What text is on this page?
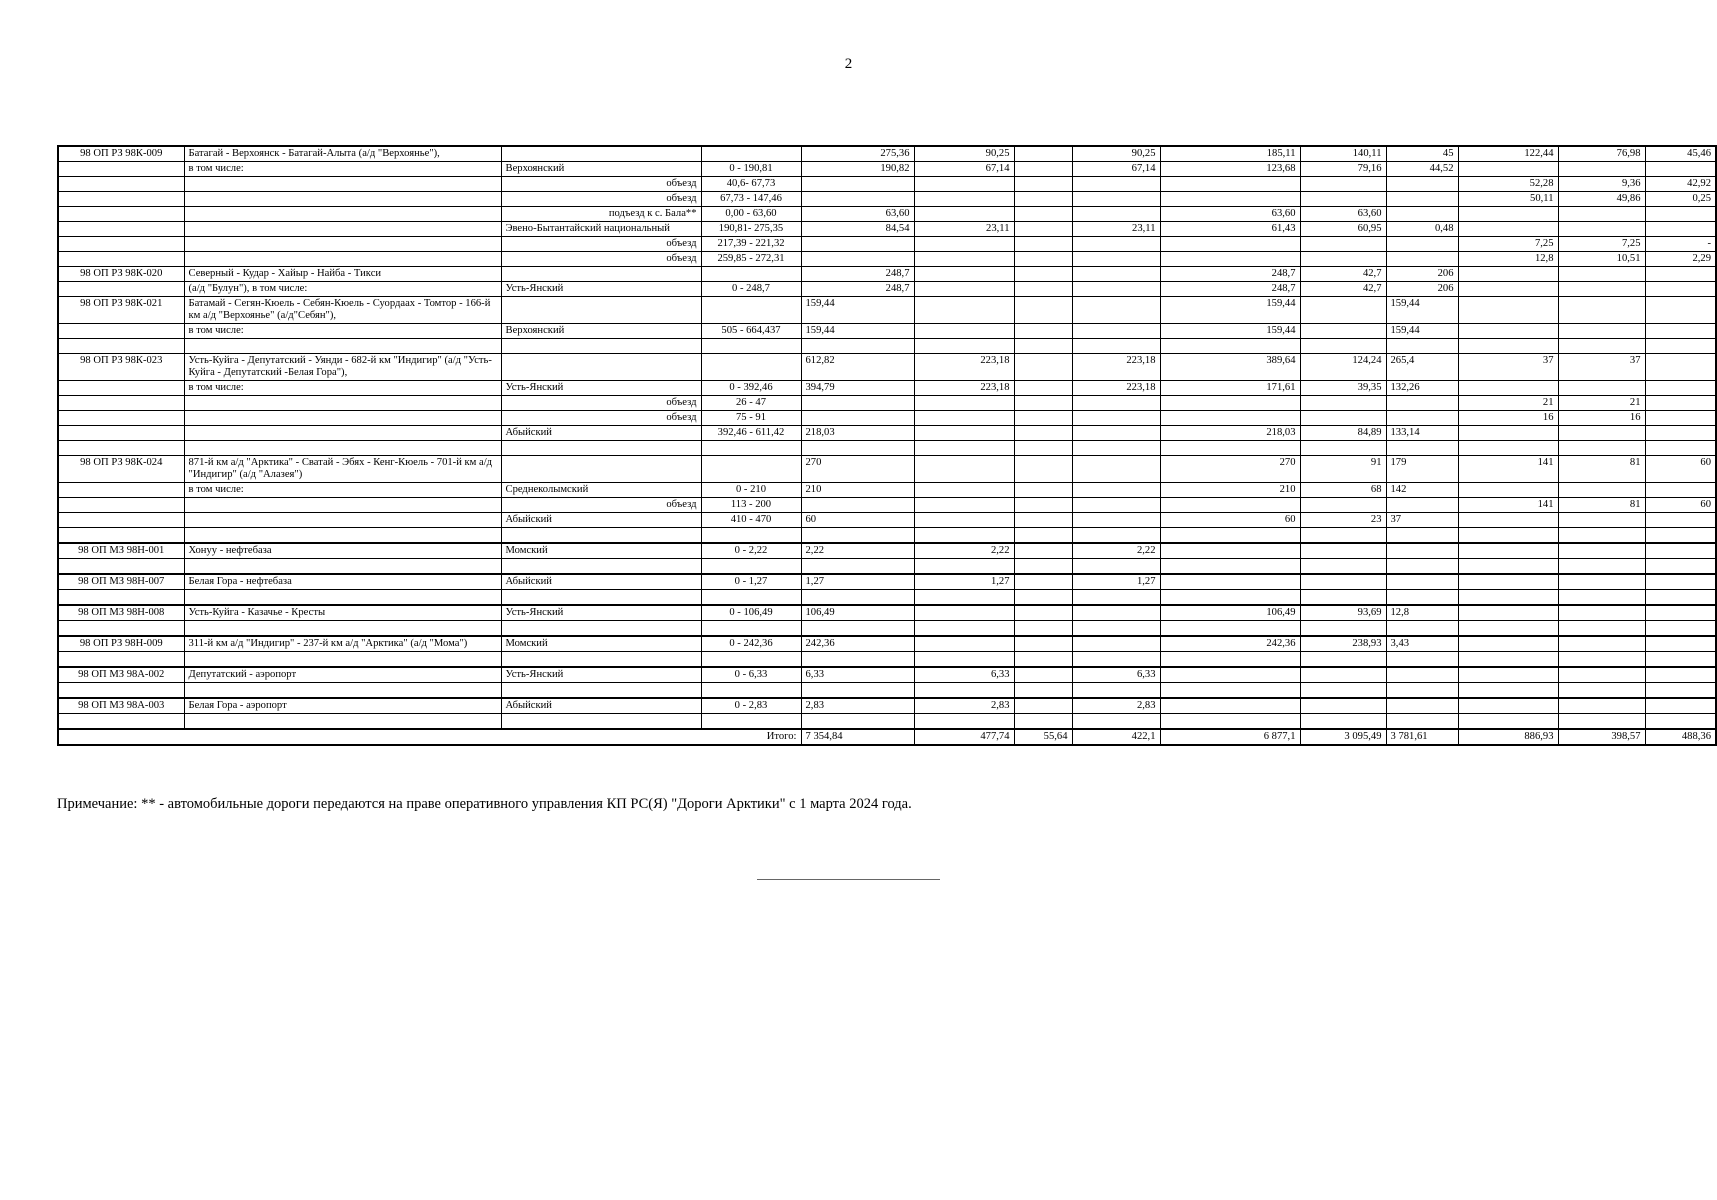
2
98 ОП РЗ 98К-009	Батагай - Верхоянск - Батагай-Алыта (а/д "Верхоянье"),			275,36	90,25		90,25	185,11	140,11	45	122,44	76,98	45,46
	в том числе:	Верхоянский	0 - 190,81	190,82	67,14		67,14	123,68	79,16	44,52			
		объезд	40,6- 67,73								52,28	9,36	42,92
		объезд	67,73 - 147,46								50,11	49,86	0,25
		подъезд к с. Бала**	0,00 - 63,60	63,60				63,60	63,60				
		Эвено-Бытантайский национальный	190,81- 275,35	84,54	23,11		23,11	61,43	60,95	0,48			
		объезд	217,39 - 221,32								7,25	7,25	-
		объезд	259,85 - 272,31								12,8	10,51	2,29
98 ОП РЗ 98К-020	Северный - Кудар - Хайыр - Найба - Тикси			248,7				248,7	42,7	206			
	(а/д "Булун"), в том числе:	Усть-Янский	0 - 248,7	248,7				248,7	42,7	206			
98 ОП РЗ 98К-021	Батамай - Сегян-Кюель - Себян-Кюель - Суордаах - Томтор - 166-й км а/д "Верхоянье" (а/д"Себян"),			159,44				159,44		159,44			
	в том числе:	Верхоянский	505 - 664,437	159,44				159,44		159,44			

98 ОП РЗ 98К-023	Усть-Куйга - Депутатский - Уянди - 682-й км "Индигир" (а/д "Усть-Куйга - Депутатский -Белая Гора"),			612,82	223,18		223,18	389,64	124,24	265,4	37	37	
	в том числе:	Усть-Янский	0 - 392,46	394,79	223,18		223,18	171,61	39,35	132,26			
		объезд	26 - 47								21	21	
		объезд	75 - 91								16	16	
		Абыйский	392,46 - 611,42	218,03				218,03	84,89	133,14			

98 ОП РЗ 98К-024	871-й км а/д "Арктика" - Сватай - Эбях - Кенг-Кюель - 701-й км а/д "Индигир" (а/д "Алазея")			270				270	91	179	141	81	60
	в том числе:	Среднеколымский	0 - 210	210				210	68	142			
		объезд	113 - 200								141	81	60
		Абыйский	410 - 470	60				60	23	37			

98 ОП МЗ 98Н-001	Хонуу - нефтебаза	Момский	0 - 2,22	2,22	2,22		2,22						

98 ОП МЗ 98Н-007	Белая Гора - нефтебаза	Абыйский	0 - 1,27	1,27	1,27		1,27						

98 ОП МЗ 98Н-008	Усть-Куйга - Казачье - Кресты	Усть-Янский	0 - 106,49	106,49				106,49	93,69	12,8			

98 ОП РЗ 98Н-009	311-й км а/д "Индигир" - 237-й км а/д "Арктика" (а/д "Мома")	Момский	0 - 242,36	242,36				242,36	238,93	3,43			

98 ОП МЗ 98А-002	Депутатский - аэропорт	Усть-Янский	0 - 6,33	6,33	6,33		6,33						

98 ОП МЗ 98А-003	Белая Гора - аэропорт	Абыйский	0 - 2,83	2,83	2,83		2,83						

Итого:				7 354,84	477,74	55,64	422,1	6 877,1	3 095,49	3 781,61	886,93	398,57	488,36
Примечание: ** - автомобильные дороги передаются на праве оперативного управления КП РС(Я) "Дороги Арктики" с 1 марта 2024 года.
